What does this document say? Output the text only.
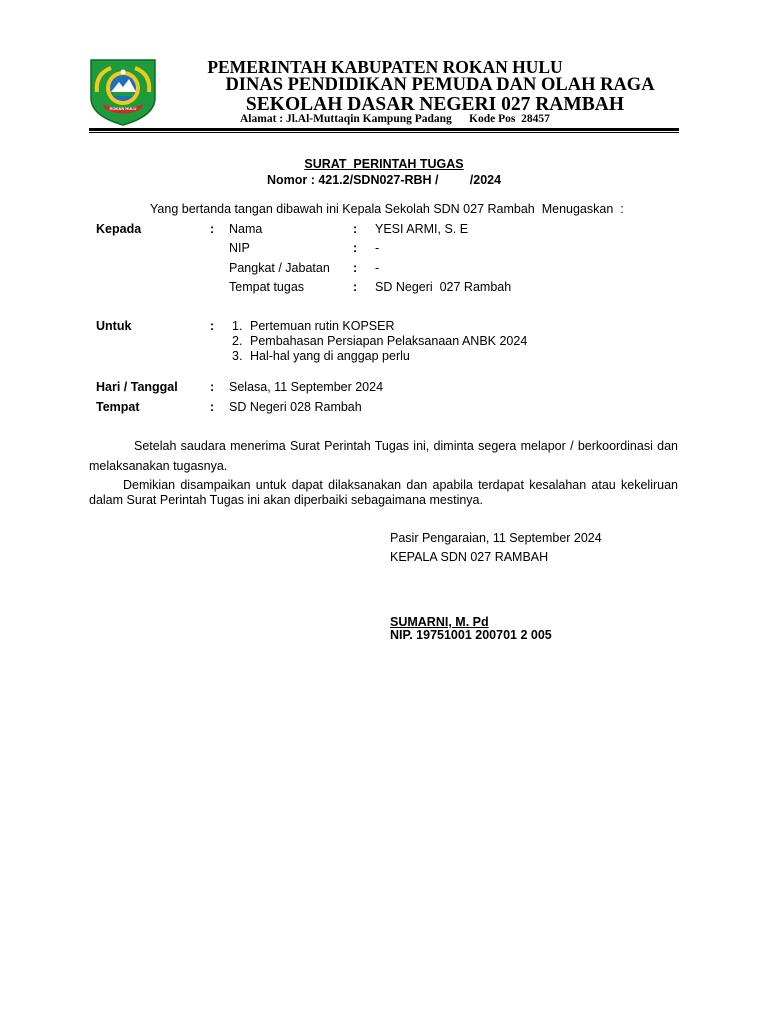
ROKAN HULU
PEMERINTAH KABUPATEN ROKAN HULU
DINAS PENDIDIKAN PEMUDA DAN OLAH RAGA
SEKOLAH DASAR NEGERI 027 RAMBAH
Alamat : Jl.Al-Muttaqin Kampung Padang      Kode Pos  28457
SURAT  PERINTAH TUGAS
Nomor : 421.2/SDN027-RBH /         /2024
Yang bertanda tangan dibawah ini Kepala Sekolah SDN 027 Rambah  Menugaskan  :
Kepada	: Nama	: YESI ARMI, S. E
NIP	: -
Pangkat / Jabatan : -
Tempat tugas	: SD Negeri  027 Rambah
Untuk	: 1. Pertemuan rutin KOPSER
2. Pembahasan Persiapan Pelaksanaan ANBK 2024
3. Hal-hal yang di anggap perlu
Hari / Tanggal	: Selasa, 11 September 2024
Tempat	: SD Negeri 028 Rambah
Setelah saudara menerima Surat Perintah Tugas ini, diminta segera melapor / berkoordinasi dan melaksanakan tugasnya.
Demikian disampaikan untuk dapat dilaksanakan dan apabila terdapat kesalahan atau kekeliruan dalam Surat Perintah Tugas ini akan diperbaiki sebagaimana mestinya.
Pasir Pengaraian, 11 September 2024
KEPALA SDN 027 RAMBAH
SUMARNI, M. Pd
NIP. 19751001 200701 2 005
